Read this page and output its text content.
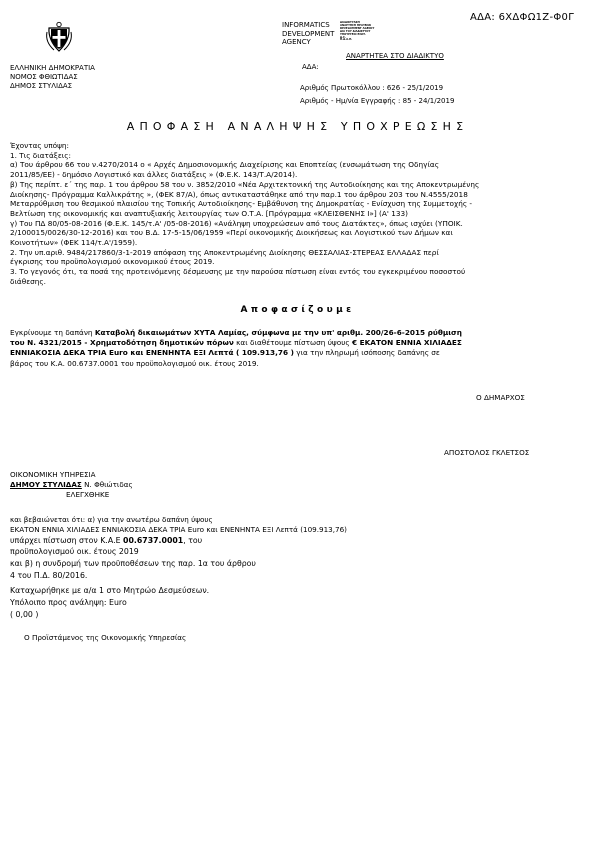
ΑΔΑ: 6ΧΔΦΩ1Ζ-Φ0Γ
ΕΛΛΗΝΙΚΗ ΔΗΜΟΚΡΑΤΙΑ
ΝΟΜΟΣ ΦΘΙΩΤΙΔΑΣ
ΔΗΜΟΣ ΣΤΥΛΙΔΑΣ
INFORMATICS
DEVELOPMENT
AGENCY
ΔΙΑΔΙΚΤΥΑΚΗ
ΑΝΑΡΤΗΣΗ ΠΡΑΞΕΩΝ
DEVELOPMENT AGENCY
ΔΙΑ ΤΟΥ ΔΙΑΔΙΚΤΥΟΥ
ΥΠΟΥΡΓΕΙΟ ΕΣΩΤ.
Δ.Σ.
Π.Δ.Α.Π.
ΑΝΑΡΤΗΤΕΑ ΣΤΟ ΔΙΑΔΙΚΤΥΟ
ΑΔΑ:
Αριθμός Πρωτοκόλλου : 626 - 25/1/2019
Αριθμός - Ημ/νία Εγγραφής : 85 - 24/1/2019
ΑΠΟΦΑΣΗ ΑΝΑΛΗΨΗΣ ΥΠΟΧΡΕΩΣΗΣ

Έχοντας υπόψη:

1. Τις διατάξεις:

α) Του άρθρου 66 του ν.4270/2014 ο « Αρχές Δημοσιονομικής Διαχείρισης και Εποπτείας (ενσωμάτωση της Οδηγίας

2011/85/ΕΕ) - δημόσιο Λογιστικό και άλλες διατάξεις » (Φ.Ε.Κ. 143/Τ.Α/2014).

β) Της περίπτ. ε΄ της παρ. 1 του άρθρου 58 του ν. 3852/2010 «Νέα Αρχιτεκτονική της Αυτοδιοίκησης και της Αποκεντρωμένης

Διοίκησης- Πρόγραμμα Καλλικράτης », (ΦΕΚ 87/Α), όπως αντικαταστάθηκε από την παρ.1 του άρθρου 203 του Ν.4555/2018

Μεταρρύθμιση του θεσμικού πλαισίου της Τοπικής Αυτοδιοίκησης- Εμβάθυνση της Δημοκρατίας - Ενίσχυση της Συμμετοχής -

Βελτίωση της οικονομικής και αναπτυξιακής λειτουργίας των Ο.Τ.Α. [Πρόγραμμα «ΚΛΕΙΣΘΕΝΗΣ Ι»] (Α' 133)

γ) Του ΠΔ 80/05-08-2016 (Φ.Ε.Κ. 145/τ.Α' /05-08-2016) «Ανάληψη υποχρεώσεων από τους Διατάκτες», όπως ισχύει (ΥΠΟΙΚ.

2/100015/0026/30-12-2016) και του Β.Δ. 17-5-15/06/1959 «Περί οικονομικής Διοικήσεως και Λογιστικού των Δήμων και

Κοινοτήτων» (ΦΕΚ 114/τ.Α'/1959).

2. Την υπ.αριθ. 9484/217860/3-1-2019 απόφαση της Αποκεντρωμένης Διοίκησης ΘΕΣΣΑΛΙΑΣ-ΣΤΕΡΕΑΣ ΕΛΛΑΔΑΣ περί

έγκρισης του προϋπολογισμού οικονομικού έτους 2019.

3. Το γεγονός ότι, τα ποσά της προτεινόμενης δέσμευσης με την παρούσα πίστωση είναι εντός του εγκεκριμένου ποσοστού

διάθεσης.

Αποφασίζουμε

Εγκρίνουμε τη δαπάνη Καταβολή δικαιωμάτων ΧΥΤΑ Λαμίας, σύμφωνα με την υπ' αριθμ. 200/26-6-2015 ρύθμιση

του Ν. 4321/2015 - Χρηματοδότηση δημοτικών πόρων και διαθέτουμε πίστωση ύψους € ΕΚΑΤΟΝ ΕΝΝΙΑ ΧΙΛΙΑΔΕΣ

ΕΝΝΙΑΚΟΣΙΑ ΔΕΚΑ ΤΡΙΑ Euro και ΕΝΕΝΗΝΤΑ ΕΞΙ Λεπτά ( 109.913,76 ) για την πληρωμή ισόποσης δαπάνης σε

βάρος του Κ.Α. 00.6737.0001 του προϋπολογισμού οικ. έτους 2019.

Ο ΔΗΜΑΡΧΟΣ
ΑΠΟΣΤΟΛΟΣ ΓΚΛΕΤΣΟΣ
ΟΙΚΟΝΟΜΙΚΗ ΥΠΗΡΕΣΙΑ
ΔΗΜΟΥ ΣΤΥΛΙΔΑΣ Ν. Φθιώτιδας
ΕΛΕΓΧΘΗΚΕ
και βεβαιώνεται ότι: α) για την ανωτέρω δαπάνη ύψους
ΕΚΑΤΟΝ ΕΝΝΙΑ ΧΙΛΙΑΔΕΣ ΕΝΝΙΑΚΟΣΙΑ ΔΕΚΑ ΤΡΙΑ Euro και ΕΝΕΝΗΝΤΑ ΕΞΙ Λεπτά (109.913,76)
υπάρχει πίστωση στον Κ.Α.Ε 00.6737.0001, του
προϋπολογισμού οικ. έτους 2019
και β) η συνδρομή των προϋποθέσεων της παρ. 1α του άρθρου
4 του Π.Δ. 80/2016.
Καταχωρήθηκε με α/α 1 στο Μητρώο Δεσμεύσεων.
Υπόλοιπο προς ανάληψη: Euro
( 0,00 )
Ο Προϊστάμενος της Οικονομικής Υπηρεσίας
